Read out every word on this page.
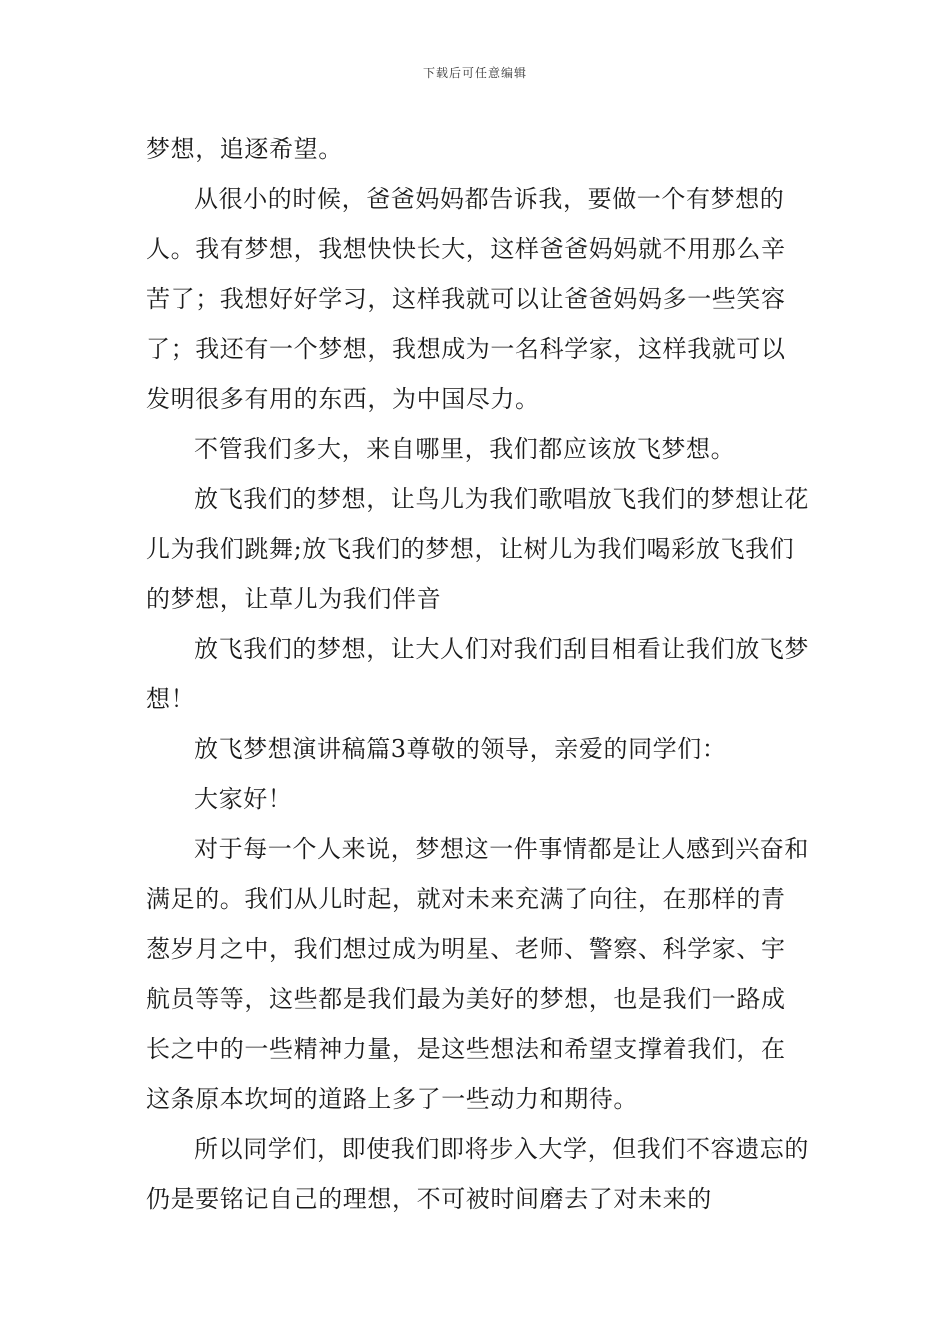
下载后可任意编辑

梦想，追逐希望。

从很小的时候，爸爸妈妈都告诉我，要做一个有梦想的人。我有梦想，我想快快长大，这样爸爸妈妈就不用那么辛苦了；我想好好学习，这样我就可以让爸爸妈妈多一些笑容了；我还有一个梦想，我想成为一名科学家，这样我就可以发明很多有用的东西，为中国尽力。

不管我们多大，来自哪里，我们都应该放飞梦想。

放飞我们的梦想，让鸟儿为我们歌唱放飞我们的梦想让花儿为我们跳舞;放飞我们的梦想，让树儿为我们喝彩放飞我们的梦想，让草儿为我们伴音

放飞我们的梦想，让大人们对我们刮目相看让我们放飞梦想！

放飞梦想演讲稿篇3尊敬的领导，亲爱的同学们：

大家好！

对于每一个人来说，梦想这一件事情都是让人感到兴奋和满足的。我们从儿时起，就对未来充满了向往，在那样的青葱岁月之中，我们想过成为明星、老师、警察、科学家、宇航员等等，这些都是我们最为美好的梦想，也是我们一路成长之中的一些精神力量，是这些想法和希望支撑着我们，在这条原本坎坷的道路上多了一些动力和期待。

所以同学们，即使我们即将步入大学，但我们不容遗忘的仍是要铭记自己的理想，不可被时间磨去了对未来的
